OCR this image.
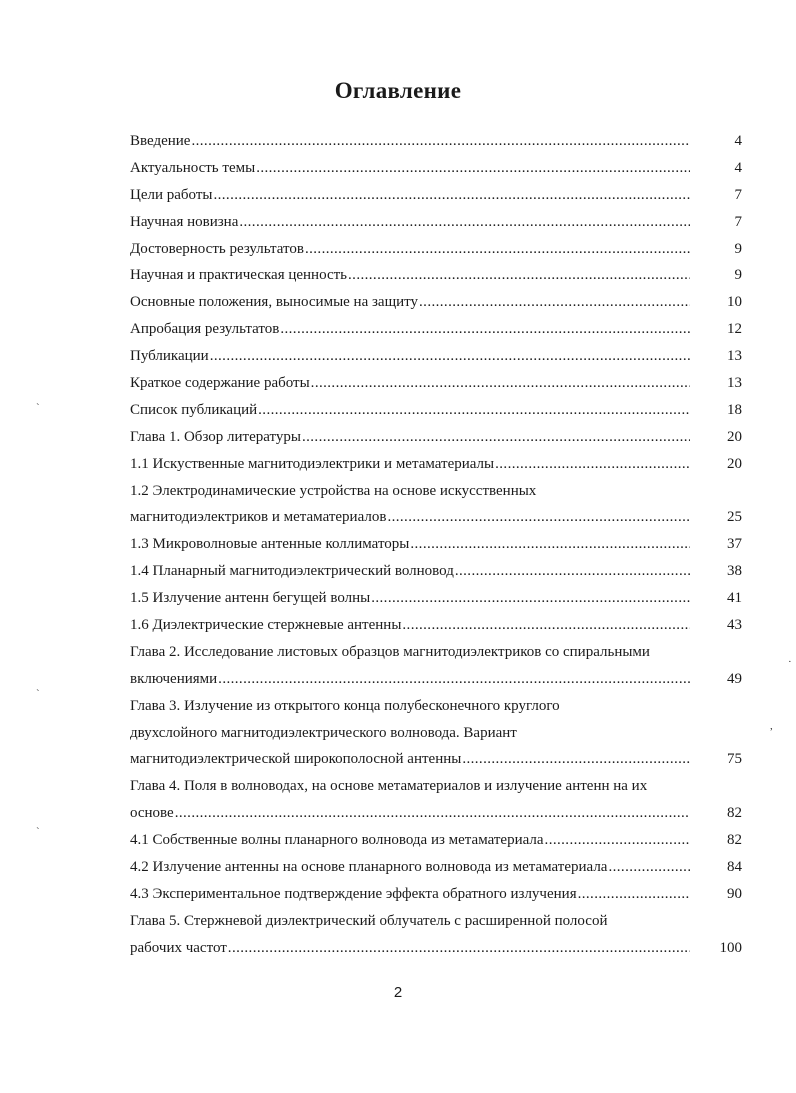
Оглавление
Введение .....	4
Актуальность темы .....	4
Цели работы .....	7
Научная новизна .....	7
Достоверность результатов .....	9
Научная и практическая ценность .....	9
Основные положения, выносимые на защиту .....	10
Апробация результатов .....	12
Публикации .....	13
Краткое содержание работы .....	13
Список публикаций .....	18
Глава 1. Обзор литературы .....	20
1.1 Искуственные магнитодиэлектрики и метаматериалы .....	20
1.2 Электродинамические устройства на основе искусственных
магнитодиэлектриков и метаматериалов .....	25
1.3 Микроволновые антенные коллиматоры .....	37
1.4 Планарный магнитодиэлектрический волновод .....	38
1.5 Излучение антенн бегущей волны .....	41
1.6 Диэлектрические стержневые антенны .....	43
Глава 2. Исследование листовых образцов магнитодиэлектриков со спиральными
включениями .....	49
Глава 3. Излучение из открытого конца полубесконечного круглого
двухслойного магнитодиэлектрического волновода. Вариант
магнитодиэлектрической широкополосной антенны .....	75
Глава 4. Поля в волноводах, на основе метаматериалов и излучение антенн на их
основе .....	82
4.1 Собственные волны планарного волновода из метаматериала .....	82
4.2 Излучение антенны на основе планарного волновода из метаматериала .....	84
4.3 Экспериментальное подтверждение эффекта обратного излучения .....	90
Глава 5. Стержневой диэлектрический облучатель с расширенной полосой
рабочих частот .....	100
2
`
`
`
,
·
